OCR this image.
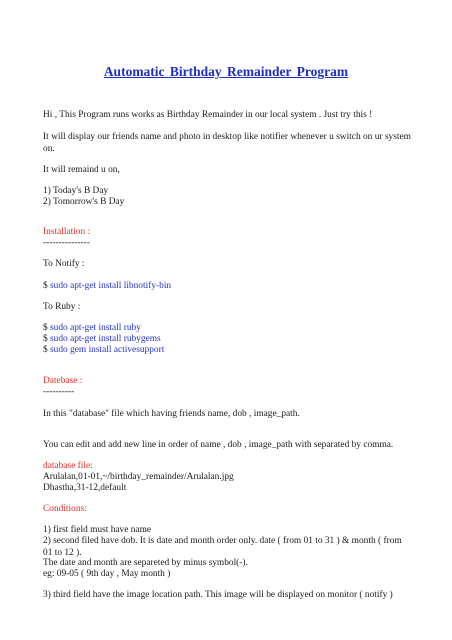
Automatic Birthday Remainder Program
Hi , This Program runs works as Birthday Remainder in our local system . Just try this !
It will display our friends name and photo in desktop like notifier whenever u switch on ur system on.
It will remaind u on,
1) Today's B Day
2) Tomorrow's B Day
Installation :
---------------
To Notify :
$ sudo apt-get install libnotify-bin
To Ruby :
$ sudo apt-get install ruby
$ sudo apt-get install rubygems
$ sudo gem install activesupport
Datebase :
----------
In this "database" file which having friends name, dob , image_path.
You can edit and add new line in order of name , dob , image_path with separated by comma.
database file:
Arulalan,01-01,~/birthday_remainder/Arulalan.jpg
Dhastha,31-12,default
Conditions:
1) first field must have name
2) second filed have dob. It is date and month order only. date ( from 01 to 31 ) & month ( from 01 to 12 ).
The date and month are separeted by minus symbol(-).
eg: 09-05 ( 9th day , May month )
3) third field have the image location path. This image will be displayed on monitor ( notify )
